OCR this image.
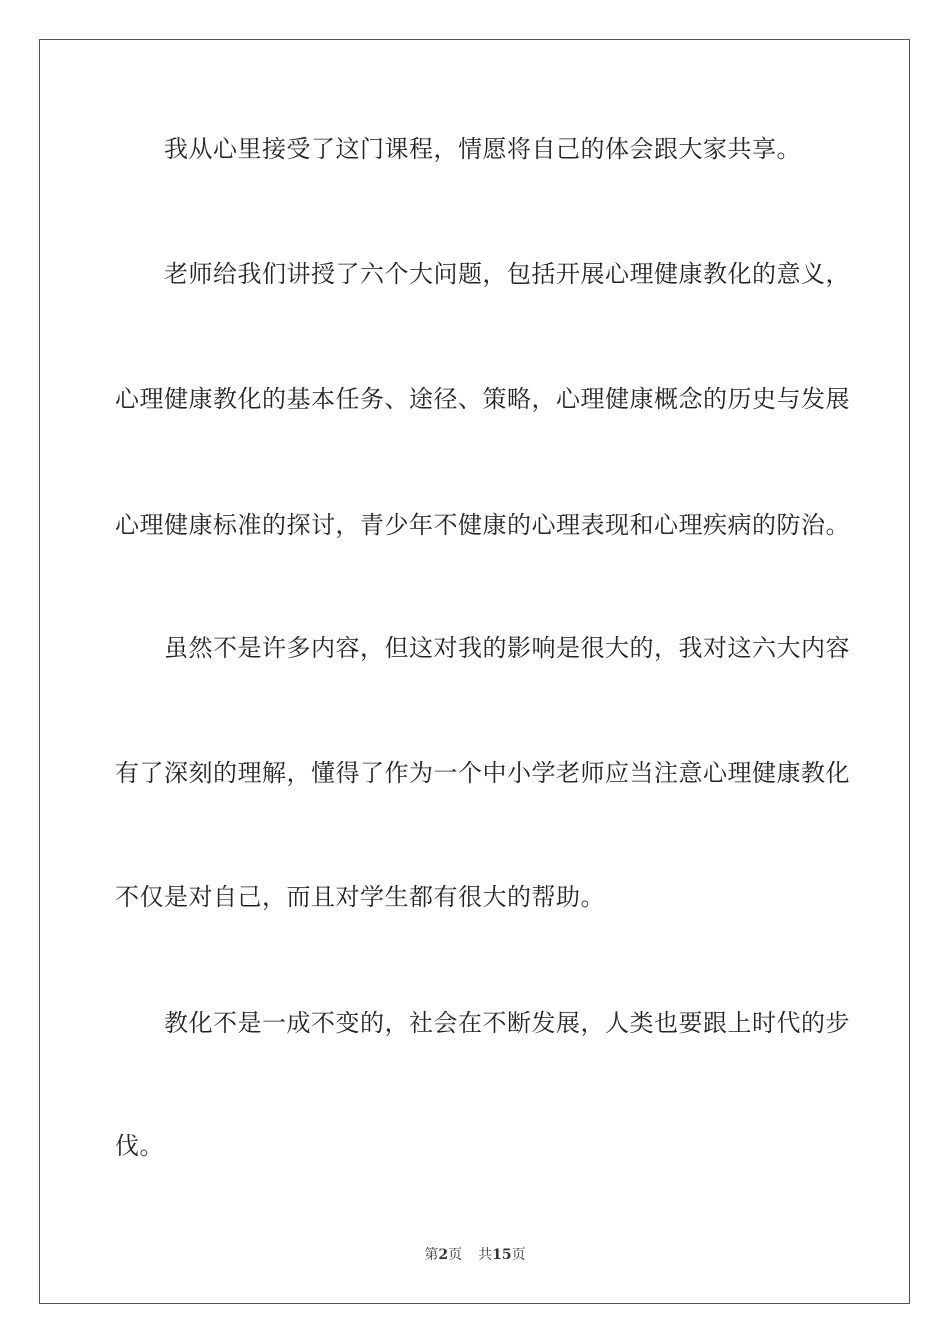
我从心里接受了这门课程，情愿将自己的体会跟大家共享。
老师给我们讲授了六个大问题，包括开展心理健康教化的意义，
心理健康教化的基本任务、途径、策略，心理健康概念的历史与发展
心理健康标准的探讨，青少年不健康的心理表现和心理疾病的防治。
虽然不是许多内容，但这对我的影响是很大的，我对这六大内容
有了深刻的理解，懂得了作为一个中小学老师应当注意心理健康教化
不仅是对自己，而且对学生都有很大的帮助。
教化不是一成不变的，社会在不断发展，人类也要跟上时代的步
伐。
第2页 共15页
